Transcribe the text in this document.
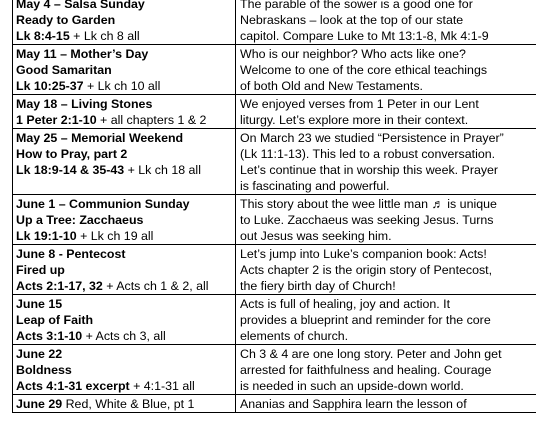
May 4 – Salsa Sunday
Ready to Garden
Lk 8:4-15 + Lk ch 8 all	The parable of the sower is a good one for
Nebraskans – look at the top of our state
capitol. Compare Luke to Mt 13:1-8, Mk 4:1-9

May 11 – Mother’s Day
Good Samaritan
Lk 10:25-37 + Lk ch 10 all	Who is our neighbor? Who acts like one?
Welcome to one of the core ethical teachings
of both Old and New Testaments.

May 18 – Living Stones
1 Peter 2:1-10 + all chapters 1 & 2	We enjoyed verses from 1 Peter in our Lent
liturgy. Let’s explore more in their context.

May 25 – Memorial Weekend
How to Pray, part 2
Lk 18:9-14 & 35-43 + Lk ch 18 all	On March 23 we studied “Persistence in Prayer”
(Lk 11:1-13). This led to a robust conversation.
Let’s continue that in worship this week. Prayer
is fascinating and powerful.

June 1 – Communion Sunday
Up a Tree: Zacchaeus
Lk 19:1-10 + Lk ch 19 all	This story about the wee little man ♬ is unique
to Luke. Zacchaeus was seeking Jesus. Turns
out Jesus was seeking him.

June 8 - Pentecost
Fired up
Acts 2:1-17, 32 + Acts ch 1 & 2, all	Let’s jump into Luke’s companion book: Acts!
Acts chapter 2 is the origin story of Pentecost,
the fiery birth day of Church!

June 15
Leap of Faith
Acts 3:1-10 + Acts ch 3, all	Acts is full of healing, joy and action. It
provides a blueprint and reminder for the core
elements of church.

June 22
Boldness
Acts 4:1-31 excerpt + 4:1-31 all	Ch 3 & 4 are one long story. Peter and John get
arrested for faithfulness and healing. Courage
is needed in such an upside-down world.

June 29 Red, White & Blue, pt 1	Ananias and Sapphira learn the lesson of
